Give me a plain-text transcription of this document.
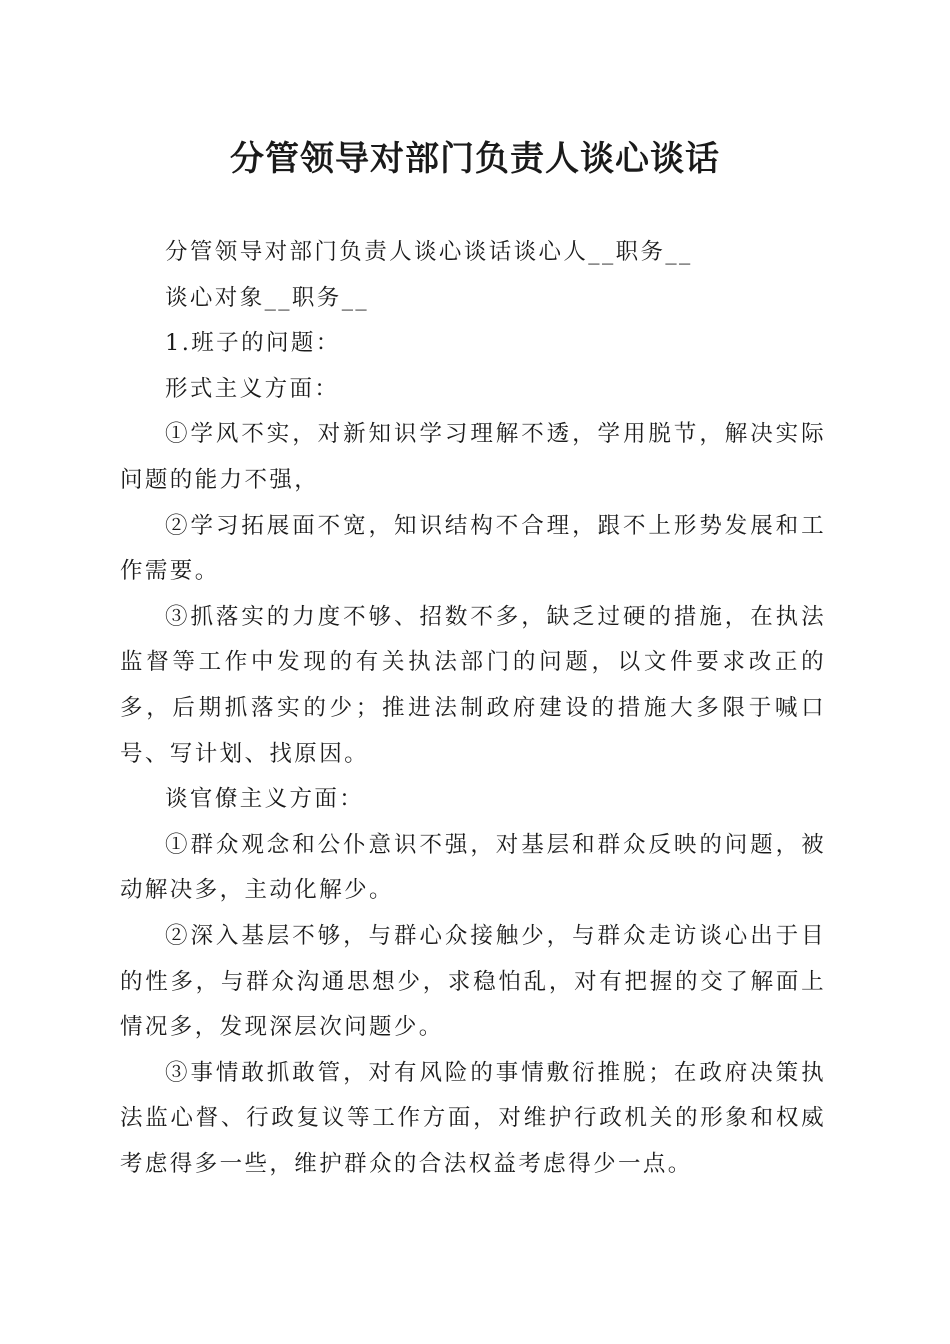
分管领导对部门负责人谈心谈话

分管领导对部门负责人谈心谈话谈心人__职务__

谈心对象__职务__

1.班子的问题：

形式主义方面：

①学风不实，对新知识学习理解不透，学用脱节，解决实际问题的能力不强，

②学习拓展面不宽，知识结构不合理，跟不上形势发展和工作需要。

③抓落实的力度不够、招数不多，缺乏过硬的措施，在执法监督等工作中发现的有关执法部门的问题，以文件要求改正的多，后期抓落实的少；推进法制政府建设的措施大多限于喊口号、写计划、找原因。

谈官僚主义方面：

①群众观念和公仆意识不强，对基层和群众反映的问题，被动解决多，主动化解少。

②深入基层不够，与群心众接触少，与群众走访谈心出于目的性多，与群众沟通思想少，求稳怕乱，对有把握的交了解面上情况多，发现深层次问题少。

③事情敢抓敢管，对有风险的事情敷衍推脱；在政府决策执法监心督、行政复议等工作方面，对维护行政机关的形象和权威考虑得多一些，维护群众的合法权益考虑得少一点。
